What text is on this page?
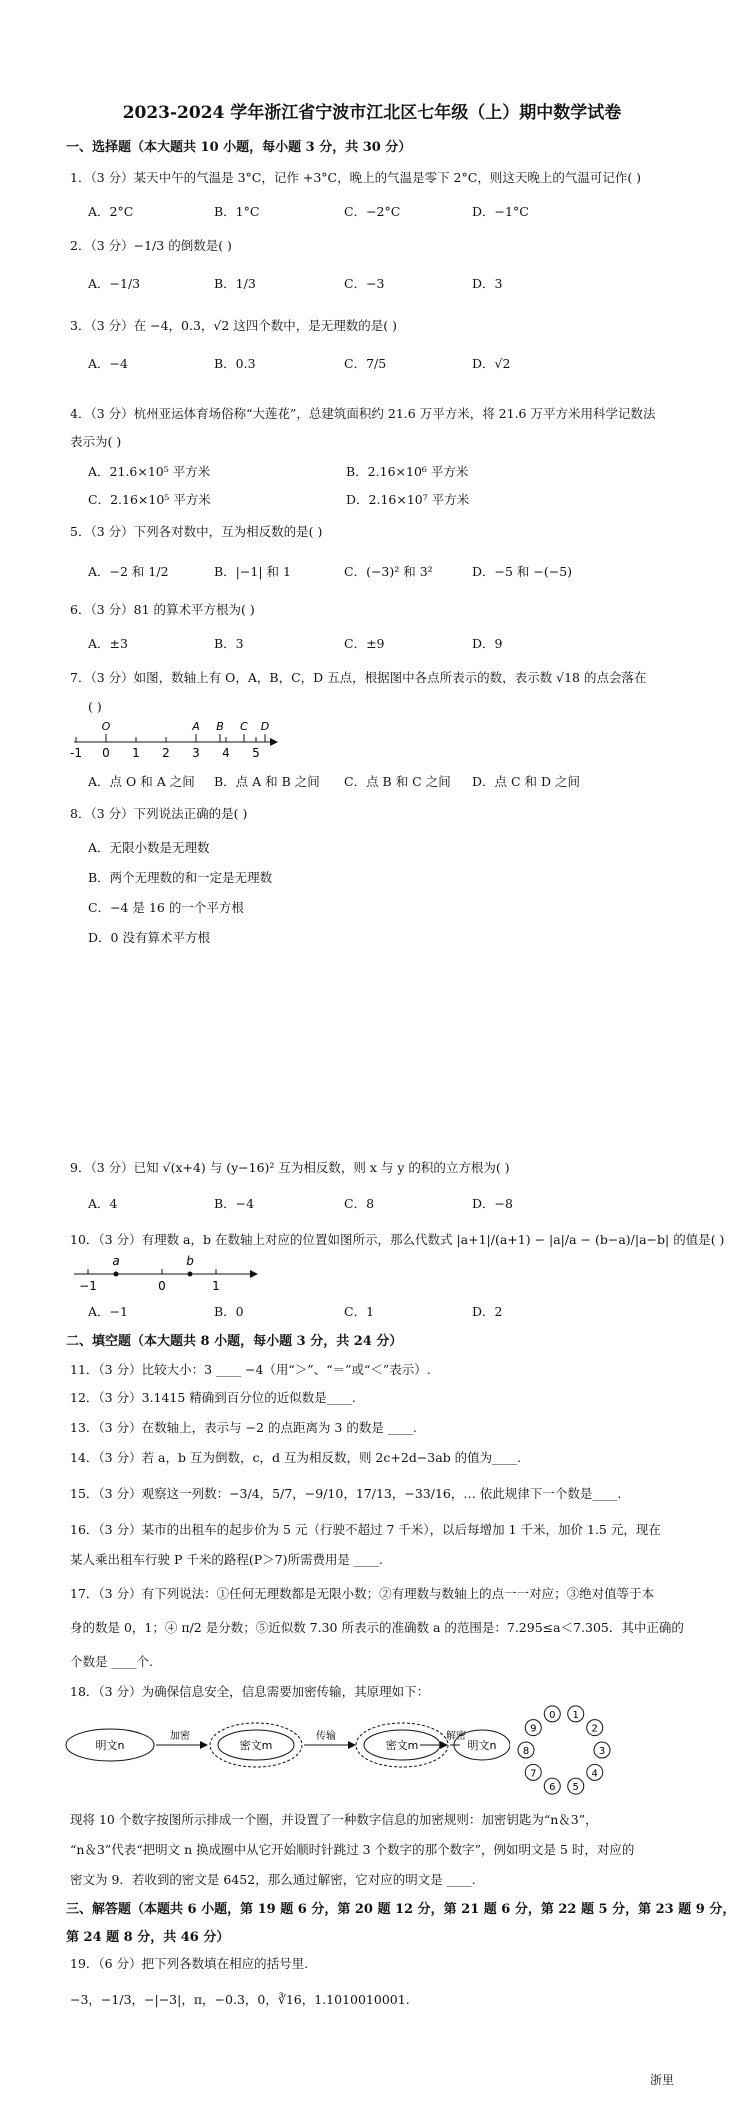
2023-2024 学年浙江省宁波市江北区七年级（上）期中数学试卷
一、选择题（本大题共 10 小题，每小题 3 分，共 30 分）
1．（3 分）某天中午的气温是 3°C，记作 +3°C，晚上的气温是零下 2°C，则这天晚上的气温可记作( )
A．2°C	B．1°C	C．−2°C	D．−1°C
2．（3 分）−1/3 的倒数是( )
A．−1/3	B．1/3	C．−3	D．3
3．（3 分）在 −4，0.3，√2 这四个数中，是无理数的是( )
A．−4	B．0.3	C．7/5	D．√2
4．（3 分）杭州亚运体育场俗称“大莲花”，总建筑面积约 21.6 万平方米，将 21.6 万平方米用科学记数法
表示为( )
A．21.6×10⁵ 平方米	B．2.16×10⁶ 平方米
C．2.16×10⁵ 平方米	D．2.16×10⁷ 平方米
5．（3 分）下列各对数中，互为相反数的是( )
A．−2 和 1/2	B．|−1| 和 1	C．(−3)² 和 3²	D．−5 和 −(−5)
6．（3 分）81 的算术平方根为( )
A．±3	B．3	C．±9	D．9
7．（3 分）如图，数轴上有 O，A，B，C，D 五点，根据图中各点所表示的数，表示数 √18 的点会落在
( )
-1 0 1 2 3 4 5
O	A B C D
A．点 O 和 A 之间 B．点 A 和 B 之间 C．点 B 和 C 之间 D．点 C 和 D 之间
8．（3 分）下列说法正确的是( )
A．无限小数是无理数
B．两个无理数的和一定是无理数
C．−4 是 16 的一个平方根
D．0 没有算术平方根
9．（3 分）已知 √(x+4) 与 (y−16)² 互为相反数，则 x 与 y 的积的立方根为( )
A．4	B．−4	C．8	D．−8
10．（3 分）有理数 a，b 在数轴上对应的位置如图所示，那么代数式 |a+1|/(a+1) − |a|/a − (b−a)/|a−b| 的值是( )
−1	0	1
a	b
A．−1	B．0	C．1	D．2
二、填空题（本大题共 8 小题，每小题 3 分，共 24 分）
11．（3 分）比较大小：3 ____ −4（用“＞”、“＝”或“＜”表示）.
12．（3 分）3.1415 精确到百分位的近似数是____.
13．（3 分）在数轴上，表示与 −2 的点距离为 3 的数是 ____.
14．（3 分）若 a，b 互为倒数，c，d 互为相反数，则 2c+2d−3ab 的值为____.
15．（3 分）观察这一列数：−3/4，5/7，−9/10，17/13，−33/16，… 依此规律下一个数是____.
16．（3 分）某市的出租车的起步价为 5 元（行驶不超过 7 千米），以后每增加 1 千米，加价 1.5 元，现在
某人乘出租车行驶 P 千米的路程(P＞7)所需费用是 ____.
17．（3 分）有下列说法：①任何无理数都是无限小数；②有理数与数轴上的点一一对应；③绝对值等于本
身的数是 0，1；④ π/2 是分数；⑤近似数 7.30 所表示的准确数 a 的范围是：7.295≤a＜7.305．其中正确的
个数是 ____个.
18．（3 分）为确保信息安全，信息需要加密传输，其原理如下：
明文n
加密
密文m
传输
密文m
解密
明文n
0 1
2
3
4
5
6
7
8
9
现将 10 个数字按图所示排成一个圈，并设置了一种数字信息的加密规则：加密钥匙为“n＆3”，
“n＆3”代表“把明文 n 换成圈中从它开始顺时针跳过 3 个数字的那个数字”，例如明文是 5 时，对应的
密文为 9．若收到的密文是 6452，那么通过解密，它对应的明文是 ____.
三、解答题（本题共 6 小题，第 19 题 6 分，第 20 题 12 分，第 21 题 6 分，第 22 题 5 分，第 23 题 9 分，
第 24 题 8 分，共 46 分）
19．（6 分）把下列各数填在相应的括号里.
−3，−1/3，−|−3|，π，−0.3，0，∛16，1.1010010001.
浙里
